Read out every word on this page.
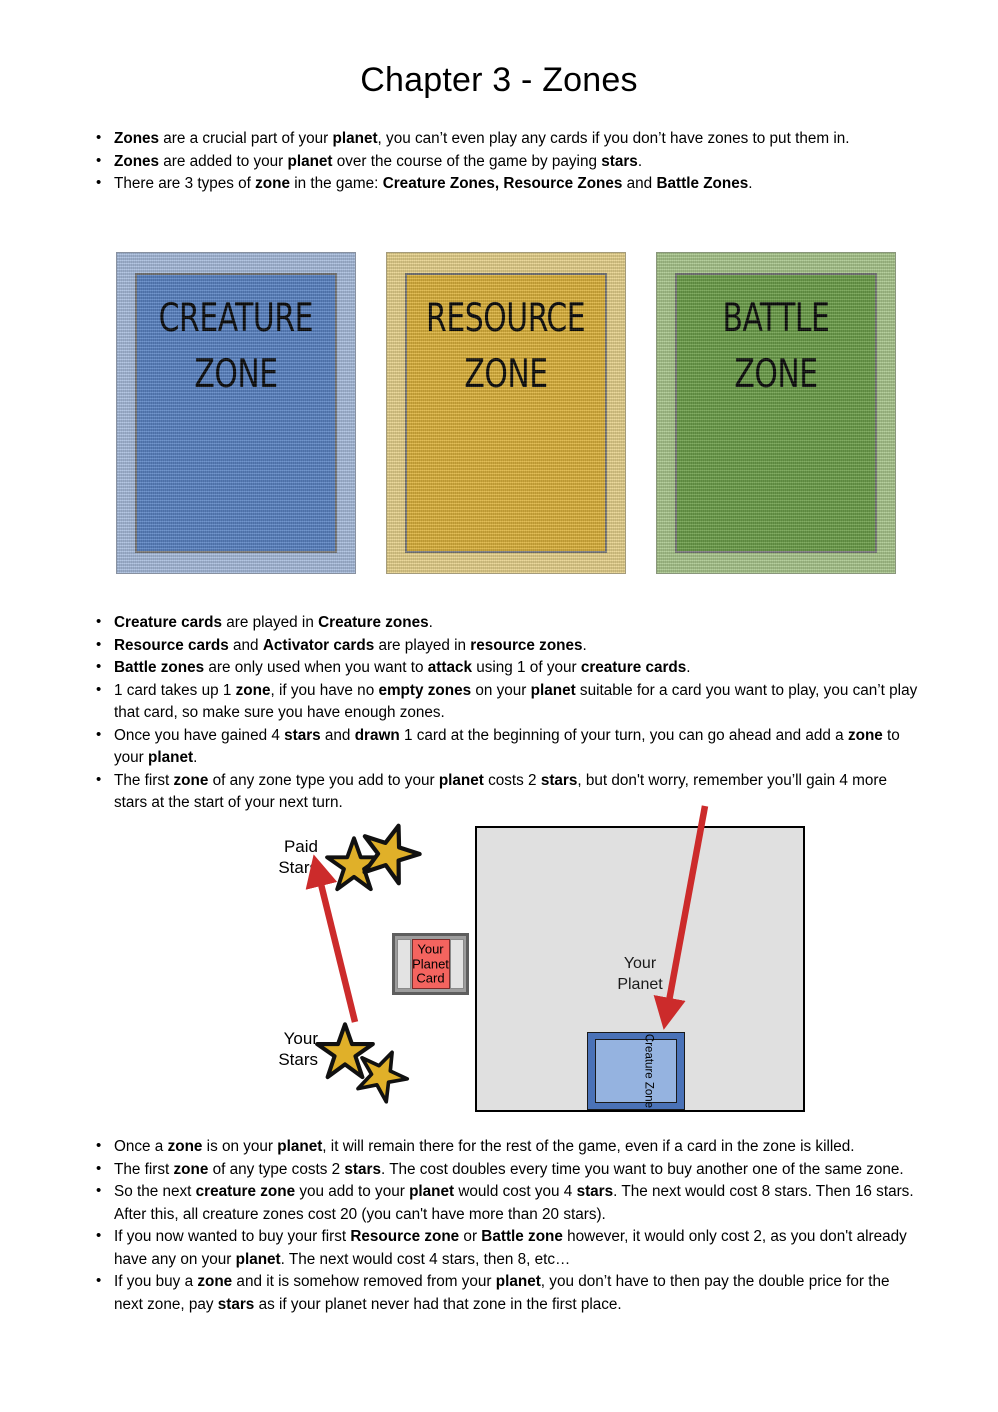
Chapter 3 - Zones
• Zones are a crucial part of your planet, you can’t even play any cards if you don’t have zones to put them in.
• Zones are added to your planet over the course of the game by paying stars.
• There are 3 types of zone in the game: Creature Zones, Resource Zones and Battle Zones.
CREATURE
ZONE
RESOURCE
ZONE
BATTLE
ZONE
• Creature cards are played in Creature zones.
• Resource cards and Activator cards are played in resource zones.
• Battle zones are only used when you want to attack using 1 of your creature cards.
• 1 card takes up 1 zone, if you have no empty zones on your planet suitable for a card you want to play, you can’t play that card, so make sure you have enough zones.
• Once you have gained 4 stars and drawn 1 card at the beginning of your turn, you can go ahead and add a zone to your planet.
• The first zone of any zone type you add to your planet costs 2 stars, but don't worry, remember you’ll gain 4 more stars at the start of your next turn.
Your
Planet
Creature Zone
Your
Planet
Card
Paid
Stars
Your
Stars
• Once a zone is on your planet, it will remain there for the rest of the game, even if a card in the zone is killed.
• The first zone of any type costs 2 stars. The cost doubles every time you want to buy another one of the same zone.
• So the next creature zone you add to your planet would cost you 4 stars. The next would cost 8 stars. Then 16 stars. After this, all creature zones cost 20 (you can't have more than 20 stars).
• If you now wanted to buy your first Resource zone or Battle zone however, it would only cost 2, as you don't already have any on your planet. The next would cost 4 stars, then 8, etc…
• If you buy a zone and it is somehow removed from your planet, you don’t have to then pay the double price for the next zone, pay stars as if your planet never had that zone in the first place.
